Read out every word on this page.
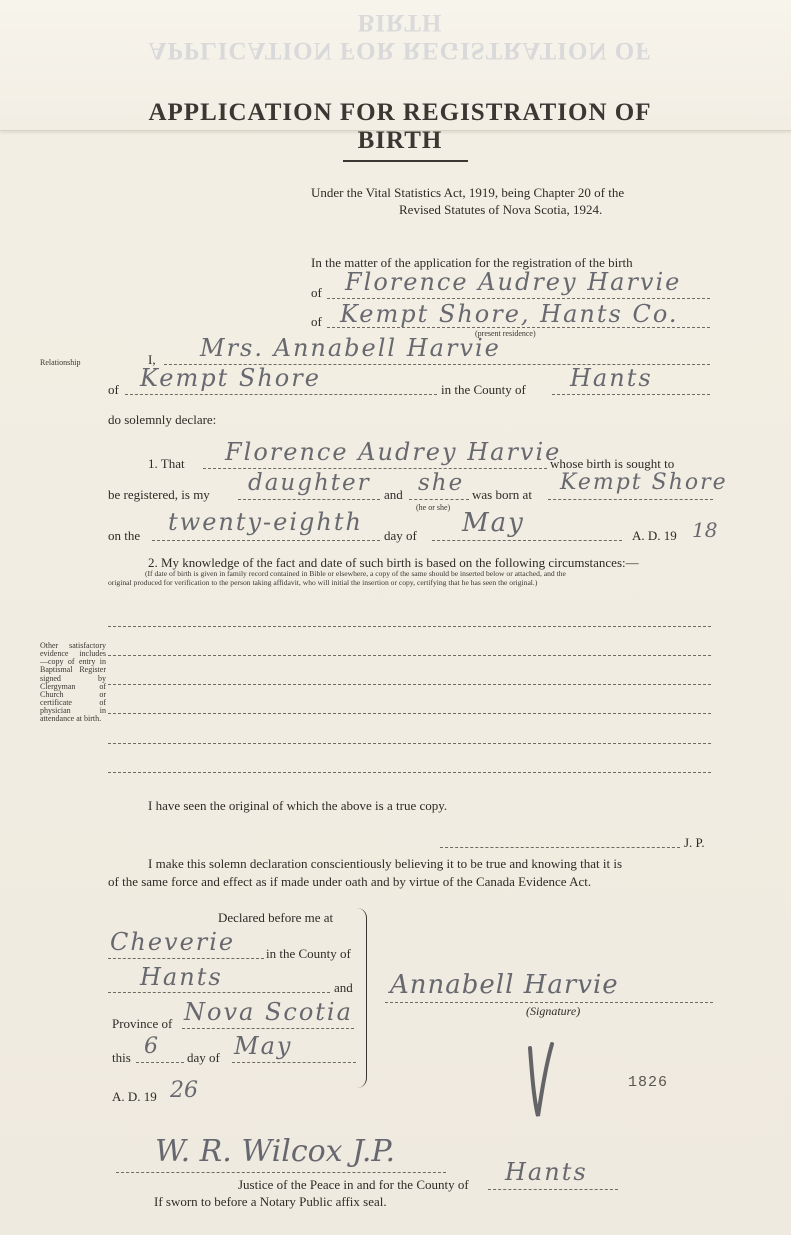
APPLICATION FOR REGISTRATION OF BIRTH
APPLICATION FOR REGISTRATION OF BIRTH
Under the Vital Statistics Act, 1919, being Chapter 20 of the
Revised Statutes of Nova Scotia, 1924.
In the matter of the application for the registration of the birth
of Florence Audrey Harvie
of Kempt Shore, Hants Co.
(present residence)
Relationship	I, Mrs. Annabell Harvie
of Kempt Shore	in the County of Hants
do solemnly declare:
1. That Florence Audrey Harvie
whose birth is sought to
be registered, is my daughter and she
(he or she)
was born at Kempt Shore
on the twenty-eighth day of May	A. D. 19 18
2. My knowledge of the fact and date of such birth is based on the following circumstances:—
(If date of birth is given in family record contained in Bible or elsewhere, a copy of the same should be inserted below or attached, and the
original produced for verification to the person taking affidavit, who will initial the insertion or copy, certifying that he has seen the original.)
Other satisfactory evidence includes —copy of entry in Baptismal Register signed by Clergyman of Church or certificate of physician in attendance at birth.
I have seen the original of which the above is a true copy.
J. P.
I make this solemn declaration conscientiously believing it to be true and knowing that it is
of the same force and effect as if made under oath and by virtue of the Canada Evidence Act.
Declared before me at
Cheverie in the County of
Hants	and
Province of Nova Scotia
this 6 day of May
A. D. 19 26
Annabell Harvie
(Signature)
1826
W. R. Wilcox J.P.
Justice of the Peace in and for the County of Hants
If sworn to before a Notary Public affix seal.
